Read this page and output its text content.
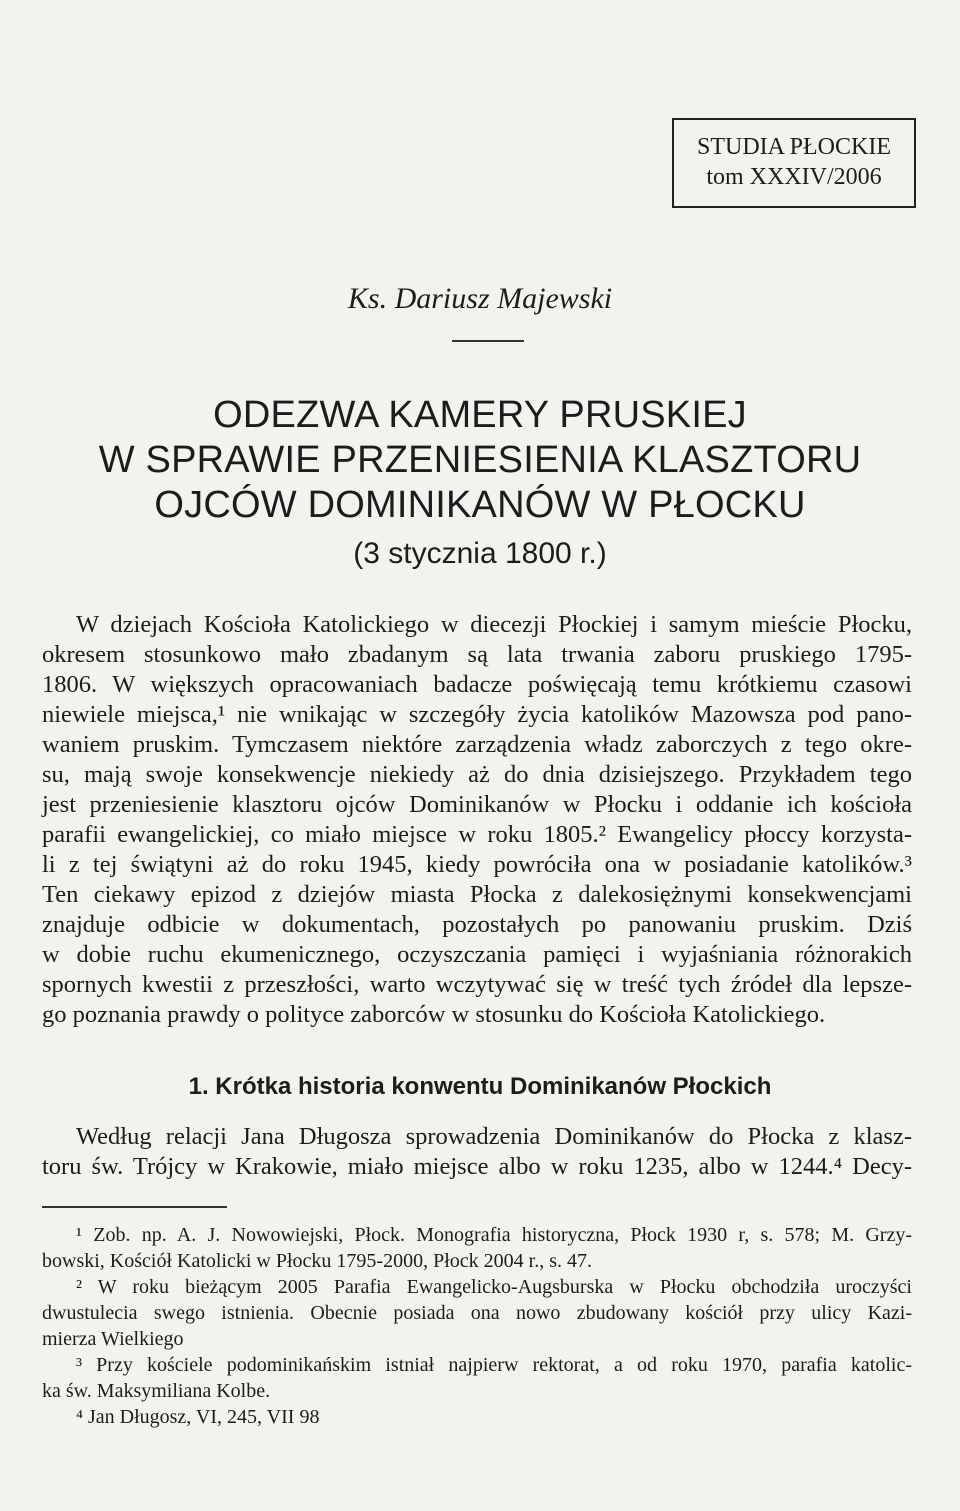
STUDIA PŁOCKIE
tom XXXIV/2006
Ks. Dariusz Majewski
ODEZWA KAMERY PRUSKIEJ
W SPRAWIE PRZENIESIENIA KLASZTORU
OJCÓW DOMINIKANÓW W PŁOCKU
(3 stycznia 1800 r.)
W dziejach Kościoła Katolickiego w diecezji Płockiej i samym mieście Płocku,
okresem stosunkowo mało zbadanym są lata trwania zaboru pruskiego 1795-
1806. W większych opracowaniach badacze poświęcają temu krótkiemu czasowi
niewiele miejsca,¹ nie wnikając w szczegóły życia katolików Mazowsza pod pano-
waniem pruskim. Tymczasem niektóre zarządzenia władz zaborczych z tego okre-
su, mają swoje konsekwencje niekiedy aż do dnia dzisiejszego. Przykładem tego
jest przeniesienie klasztoru ojców Dominikanów w Płocku i oddanie ich kościoła
parafii ewangelickiej, co miało miejsce w roku 1805.² Ewangelicy płoccy korzysta-
li z tej świątyni aż do roku 1945, kiedy powróciła ona w posiadanie katolików.³
Ten ciekawy epizod z dziejów miasta Płocka z dalekosiężnymi konsekwencjami
znajduje odbicie w dokumentach, pozostałych po panowaniu pruskim. Dziś
w dobie ruchu ekumenicznego, oczyszczania pamięci i wyjaśniania różnorakich
spornych kwestii z przeszłości, warto wczytywać się w treść tych źródeł dla lepsze-
go poznania prawdy o polityce zaborców w stosunku do Kościoła Katolickiego.
1. Krótka historia konwentu Dominikanów Płockich
Według relacji Jana Długosza sprowadzenia Dominikanów do Płocka z klasz-
toru św. Trójcy w Krakowie, miało miejsce albo w roku 1235, albo w 1244.⁴ Decy-
¹ Zob. np. A. J. Nowowiejski, Płock. Monografia historyczna, Płock 1930 r, s. 578; M. Grzy-
bowski, Kościół Katolicki w Płocku 1795-2000, Płock 2004 r., s. 47.
² W roku bieżącym 2005 Parafia Ewangelicko-Augsburska w Płocku obchodziła uroczyści
dwustulecia swego istnienia. Obecnie posiada ona nowo zbudowany kościół przy ulicy Kazi-
mierza Wielkiego
³ Przy kościele podominikańskim istniał najpierw rektorat, a od roku 1970, parafia katolic-
ka św. Maksymiliana Kolbe.
⁴ Jan Długosz, VI, 245, VII 98
